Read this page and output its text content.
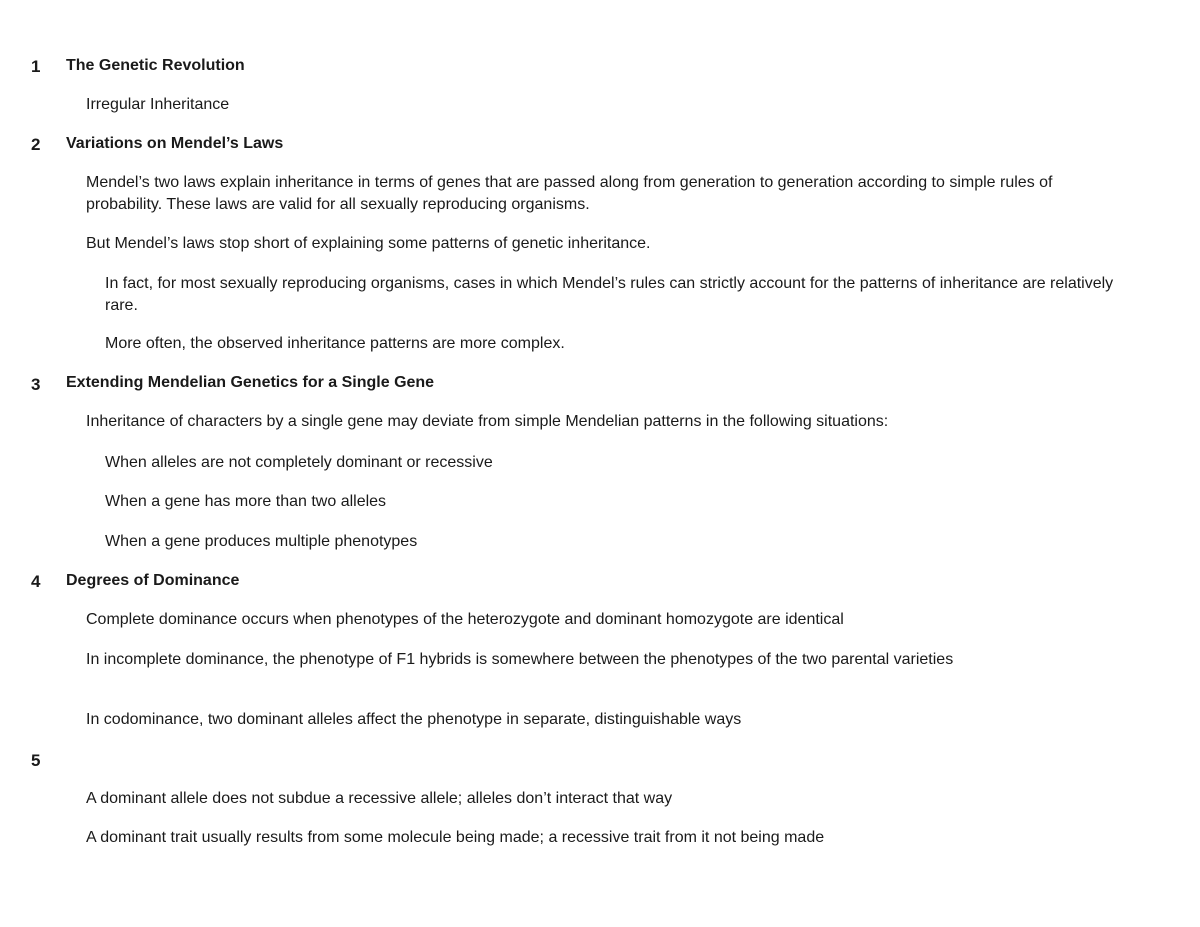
1	The Genetic Revolution
Irregular Inheritance
2	Variations on Mendel’s Laws
Mendel’s two laws explain inheritance in terms of genes that are passed along from generation to generation according to simple rules of probability. These laws are valid for all sexually reproducing organisms.
But Mendel’s laws stop short of explaining some patterns of genetic inheritance.
In fact, for most sexually reproducing organisms, cases in which Mendel’s rules can strictly account for the patterns of inheritance are relatively rare.
More often, the observed inheritance patterns are more complex.
3	Extending Mendelian Genetics for a Single Gene
Inheritance of characters by a single gene may deviate from simple Mendelian patterns in the following situations:
When alleles are not completely dominant or recessive
When a gene has more than two alleles
When a gene produces multiple phenotypes
4	Degrees of Dominance
Complete dominance occurs when phenotypes of the heterozygote and dominant homozygote are identical
In incomplete dominance, the phenotype of F1 hybrids is somewhere between the phenotypes of the two parental varieties
In codominance, two dominant alleles affect the phenotype in separate, distinguishable ways
5
A dominant allele does not subdue a recessive allele; alleles don’t interact that way
A dominant trait usually results from some molecule being made; a recessive trait from it not being made
